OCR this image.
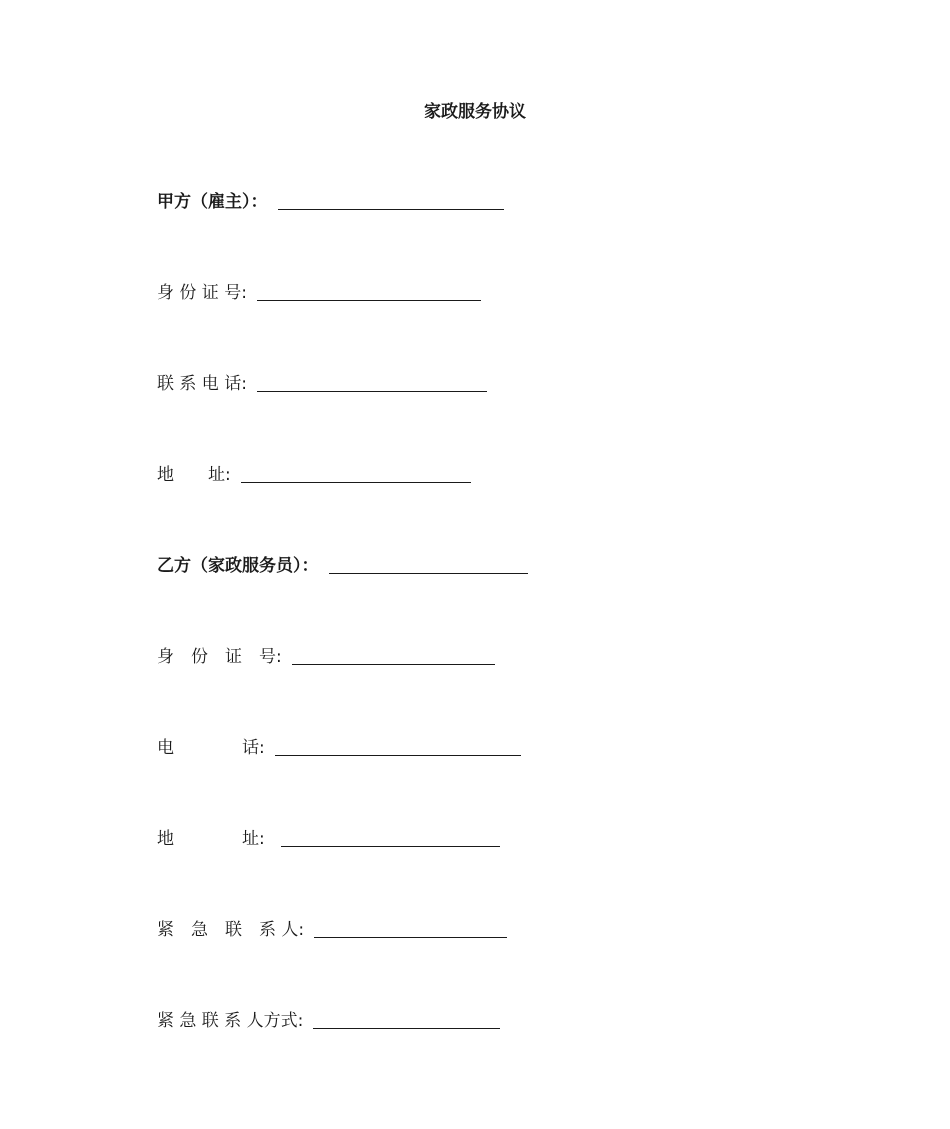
家政服务协议
甲方（雇主）：
身 份 证 号:
联 系 电 话:
地　　址:
乙方（家政服务员）：
身　份　证　号:
电　　　　话:
地　　　　址:
紧　急　联　系 人:
紧 急 联 系 人方式:
